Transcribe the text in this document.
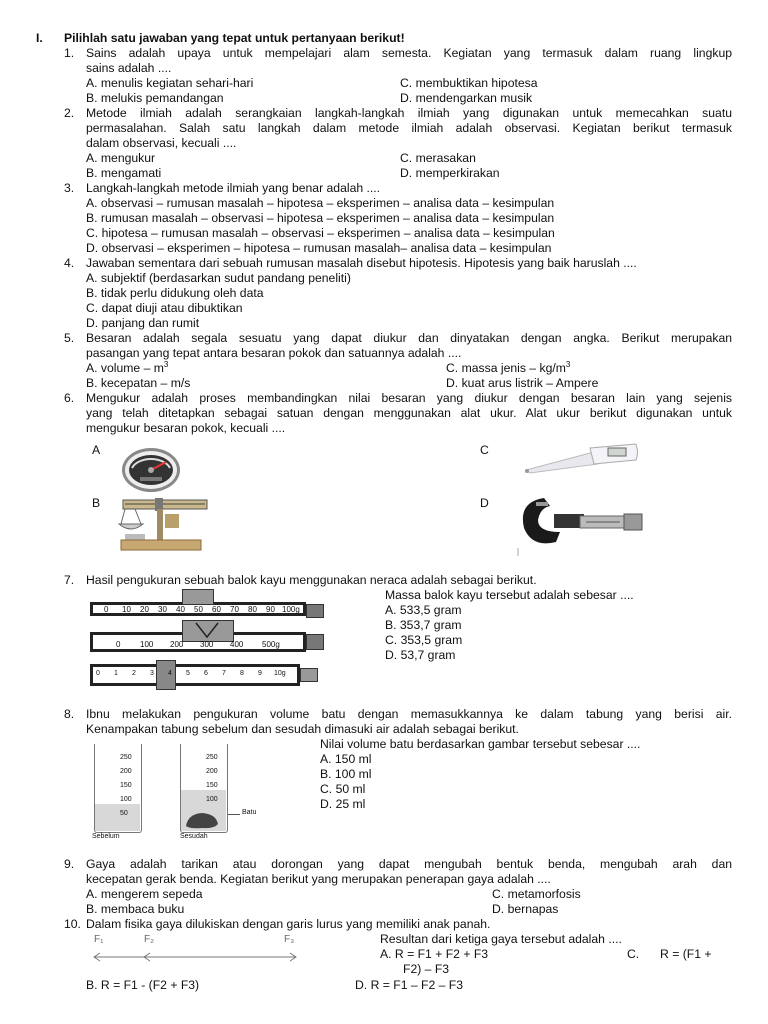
I. Pilihlah satu jawaban yang tepat untuk pertanyaan berikut!
1. Sains adalah upaya untuk mempelajari alam semesta. Kegiatan yang termasuk dalam ruang lingkup
sains adalah ....
A. menulis kegiatan sehari-hari
B. melukis pemandangan
C. membuktikan hipotesa
D. mendengarkan musik
2. Metode ilmiah adalah serangkaian langkah-langkah ilmiah yang digunakan untuk memecahkan suatu
permasalahan. Salah satu langkah dalam metode ilmiah adalah observasi. Kegiatan berikut termasuk
dalam observasi, kecuali ....
A. mengukur
B. mengamati
C. merasakan
D. memperkirakan
3. Langkah-langkah metode ilmiah yang benar adalah ....
A. observasi – rumusan masalah – hipotesa – eksperimen – analisa data – kesimpulan
B. rumusan masalah – observasi – hipotesa – eksperimen – analisa data – kesimpulan
C. hipotesa – rumusan masalah – observasi – eksperimen – analisa data – kesimpulan
D. observasi – eksperimen – hipotesa – rumusan masalah– analisa data – kesimpulan
4. Jawaban sementara dari sebuah rumusan masalah disebut hipotesis. Hipotesis yang baik haruslah ....
A. subjektif (berdasarkan sudut pandang peneliti)
B. tidak perlu didukung oleh data
C. dapat diuji atau dibuktikan
D. panjang dan rumit
5. Besaran adalah segala sesuatu yang dapat diukur dan dinyatakan dengan angka. Berikut merupakan
pasangan yang tepat antara besaran pokok dan satuannya adalah ....
A. volume – $m^3$
B. kecepatan – m/s
C. massa jenis – $kg/m^3$
D. kuat arus listrik – Ampere
6. Mengukur adalah proses membandingkan nilai besaran yang diukur dengan besaran lain yang sejenis
yang telah ditetapkan sebagai satuan dengan menggunakan alat ukur. Alat ukur berikut digunakan untuk
mengukur besaran pokok, kecuali ....
A
B
C
D
7. Hasil pengukuran sebuah balok kayu menggunakan neraca adalah sebagai berikut.
Massa balok kayu tersebut adalah sebesar ....
A. 533,5 gram
B. 353,7 gram
C. 353,5 gram
D. 53,7 gram
0 10 20 30 40 50 60 70 80 90 100g
0 100 200 300 400 500g
0 1 2 3 4 5 6 7 8 9 10g
8. Ibnu melakukan pengukuran volume batu dengan memasukkannya ke dalam tabung yang berisi air.
Kenampakan tabung sebelum dan sesudah dimasuki air adalah sebagai berikut.
Nilai volume batu berdasarkan gambar tersebut sebesar ....
A. 150 ml
B. 100 ml
C. 50 ml
D. 25 ml
250
200
150
100
50
Sebelum
250
200
150
100
Batu
Sesudah
9. Gaya adalah tarikan atau dorongan yang dapat mengubah bentuk benda, mengubah arah dan
kecepatan gerak benda. Kegiatan berikut yang merupakan penerapan gaya adalah ....
A. mengerem sepeda
B. membaca buku
C. metamorfosis
D. bernapas
10. Dalam fisika gaya dilukiskan dengan garis lurus yang memiliki anak panah.
Resultan dari ketiga gaya tersebut adalah ....
A. R = F1 + F2 + F3	C. R = (F1 +
F2) – F3
B. R = F1 - (F2 + F3)	D. R = F1 – F2 – F3
F₁	F₂	F₃
